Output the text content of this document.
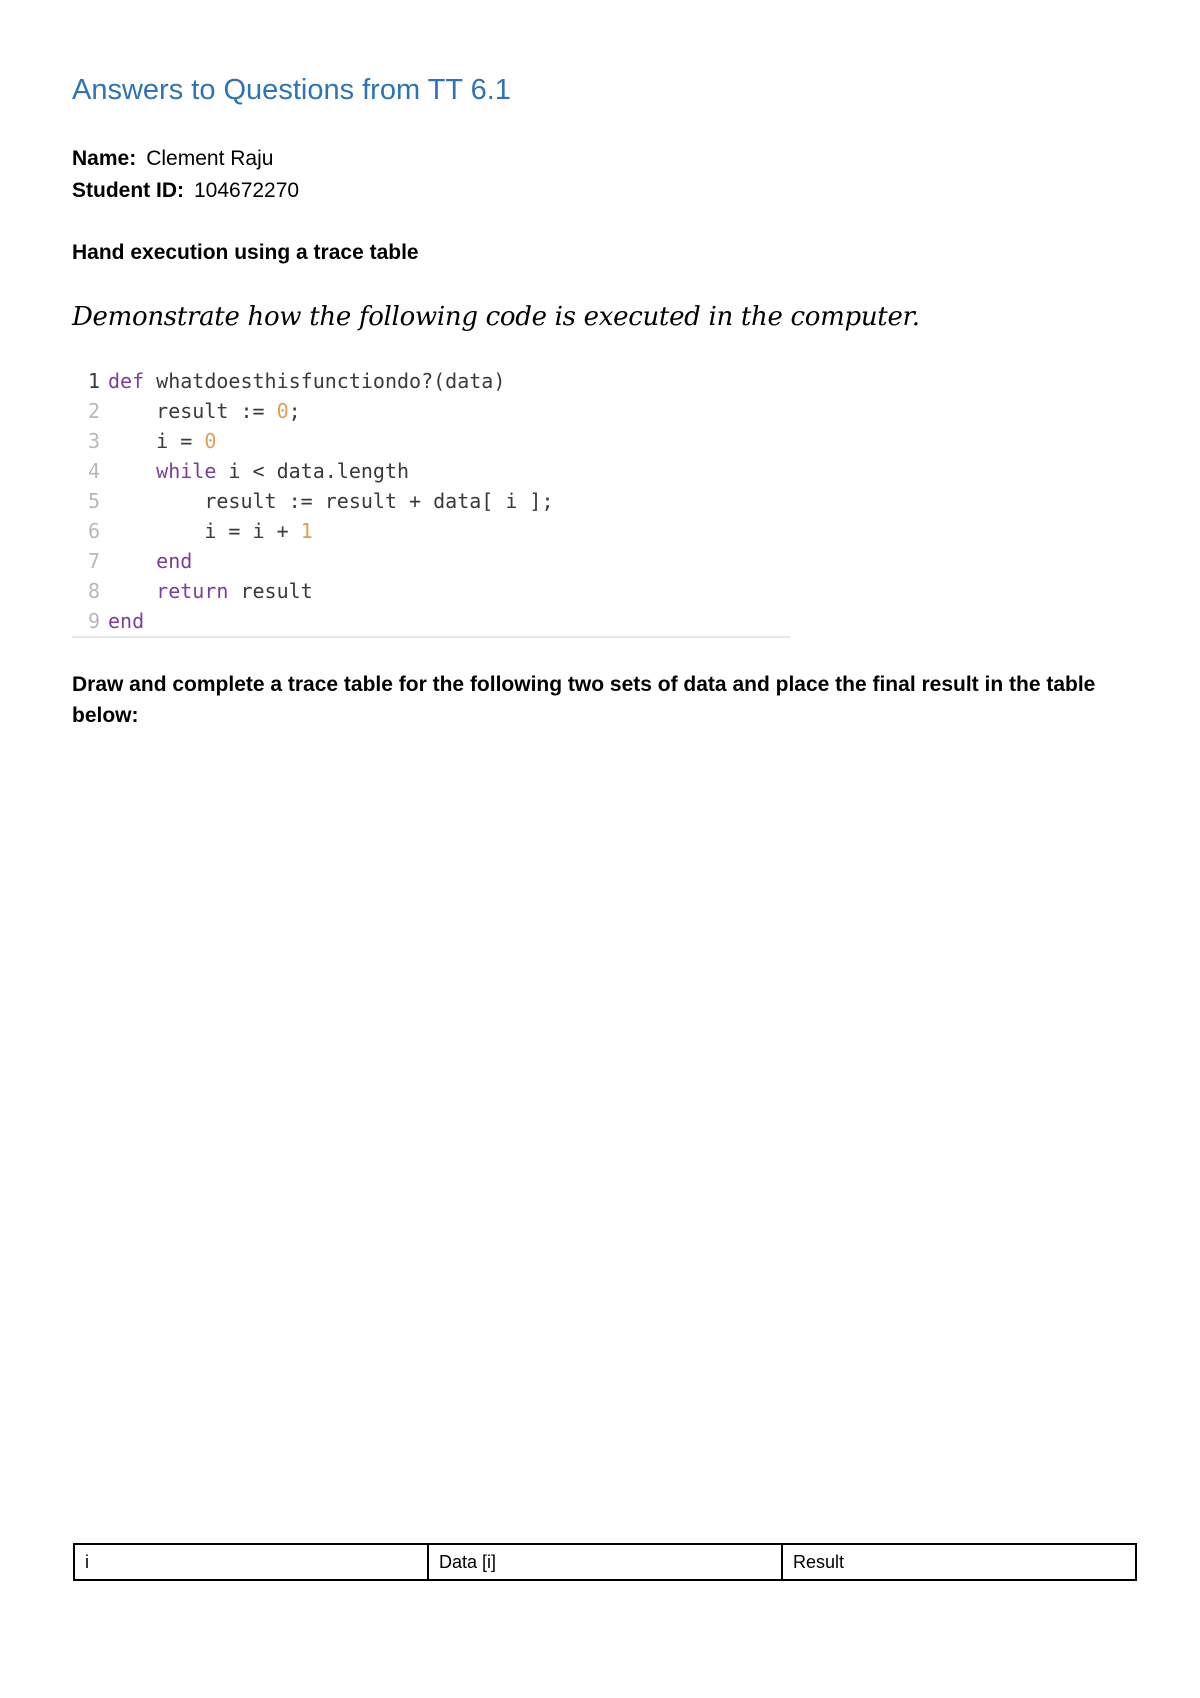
Answers to Questions from TT 6.1
Name: Clement Raju
Student ID: 104672270
Hand execution using a trace table
Demonstrate how the following code is executed in the computer.
1 def whatdoesthisfunctiondo?(data)
2	result := 0;
3	i = 0
4	while i < data.length
5	result := result + data[ i ];
6	i = i + 1
7	end
8	return result
9 end
Draw and complete a trace table for the following two sets of data and place the final result in the table below:
i	Data [i]	Result
